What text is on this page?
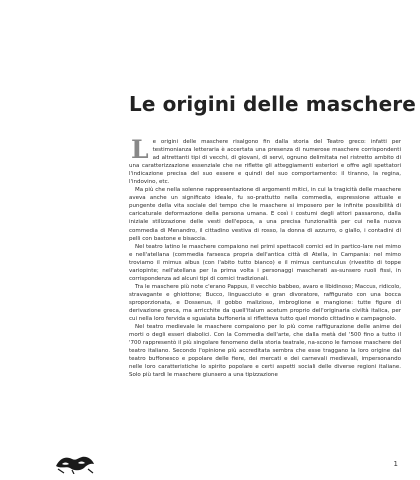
Le origini delle maschere

L e origini delle maschere risalgono fin dalla storia del Teatro greco: infatti per testimonianza letteraria è accertata una presenza di numerose maschere corrispondenti ad altrettanti tipi di vecchi, di giovani, di servi, ognuno delimitata nel ristretto ambito di una caratterizzazione essenziale che ne riflette gli atteggiamenti esteriori e offre agli spettatori l'indicazione precisa del suo essere e quindi del suo comportamento: il tiranno, la regina, l'indovino, etc.

Ma più che nella solenne rappresentazione di argomenti mitici, in cui la tragicità delle maschere aveva anche un significato ideale, fu so-prattutto nella commedia, espressione attuale e pungente della vita sociale del tempo che le maschere si imposero per le infinite possibilità di caricaturale deformazione della persona umana. E così i costumi degli attori passarono, dalla iniziale stilizzazione delle vesti dell'epoca, a una precisa funzionalità per cui nella nuova commedia di Menandro, il cittadino vestiva di rosso, la donna di azzurro, o giallo, i contadini di pelli con bastone e bisaccia.

Nel teatro latino le maschere compaiono nei primi spettacoli comici ed in partico-lare nei mimo e nell'atellana (commedia farsesca propria dell'antica città di Atella, in Campania: nel mimo troviamo il mimus albus (con l'abito tutto bianco) e il mimus centunculus (rivestito di toppe variopinte; nell'atellana per la prima volta i personaggi mascherati as-sunsero ruoli fissi, in corrispondenza ad alcuni tipi di comici tradizionali.

Tra le maschere più note c'erano Pappus, il vecchio babbeo, avaro e libidinoso; Maccus, ridicolo, stravagante e ghiottone; Bucco, linguacciuto e gran divoratore, raffigurato con una bocca sproporzionata, e Dossenus, il gobbo malizioso, imbroglione e mangione: tutte figure di derivazione greca, ma arricchite da quell'italum acetum proprio dell'originaria civiltà italica, per cui nella loro fervida e sguaiata buffoneria si rifletteva tutto quel mondo cittadino e campagnolo.

Nel teatro medievale le maschere compaiono per lo più come raffigurazione delle anime dei morti o degli esseri diabolici. Con la Commedia dell'arte, che dalla metà del '500 fino a tutto il '700 rappresentò il più singolare fenomeno della storia teatrale, na-scono le famose maschere del teatro italiano. Secondo l'opinione più accreditata sembra che esse traggano la loro origine dal teatro buffonesco e popolare delle fiere, dei mercati e dei carnevali medievali, impersonando nelle loro caratteristiche lo spirito popolare e certi aspetti sociali delle diverse regioni italiane. Solo più tardi le maschere giunsero a una tipizzazione

1
